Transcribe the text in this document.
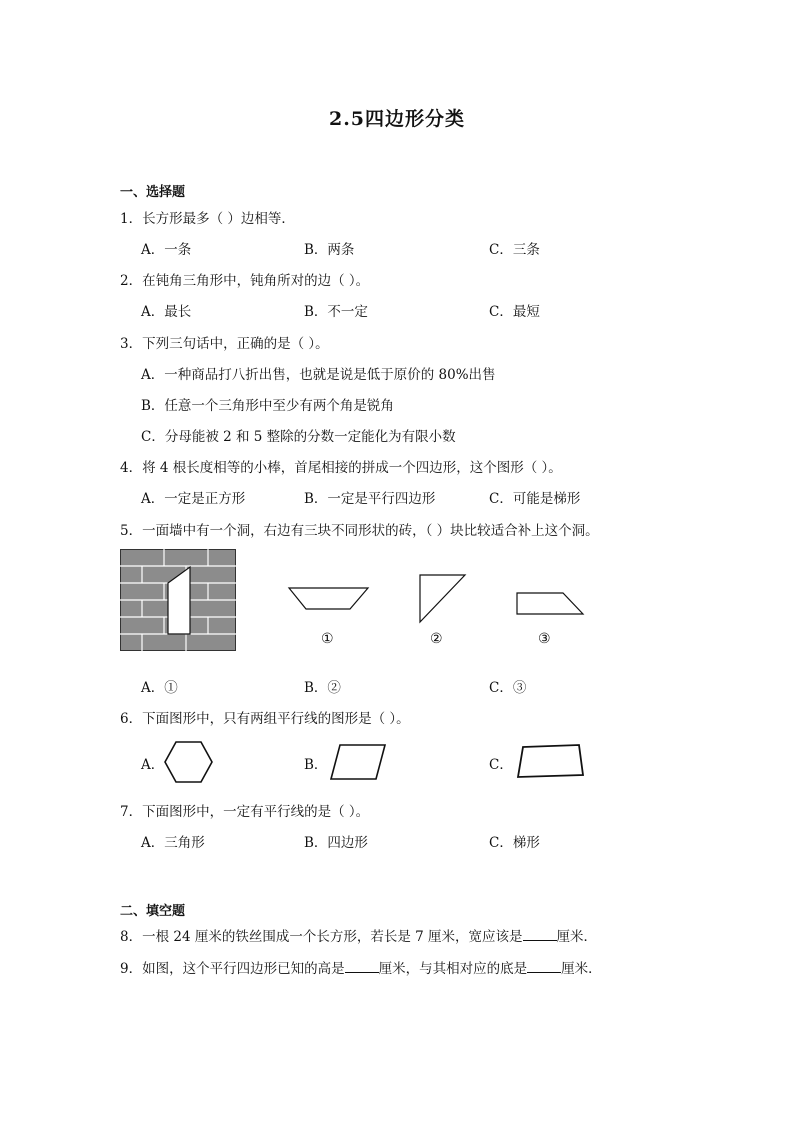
2.5四边形分类
一、选择题
1．长方形最多（ ）边相等．
A．一条	B．两条	C．三条
2．在钝角三角形中，钝角所对的边（ ）。
A．最长	B．不一定	C．最短
3．下列三句话中，正确的是（ ）。
A．一种商品打八折出售，也就是说是低于原价的 80%出售
B．任意一个三角形中至少有两个角是锐角
C．分母能被 2 和 5 整除的分数一定能化为有限小数
4．将 4 根长度相等的小棒，首尾相接的拼成一个四边形，这个图形（ ）。
A．一定是正方形	B．一定是平行四边形	C．可能是梯形
5．一面墙中有一个洞，右边有三块不同形状的砖，（ ）块比较适合补上这个洞。
①	②	③
A．①	B．②	C．③
6．下面图形中，只有两组平行线的图形是（ ）。
A．	B．	C．
7．下面图形中，一定有平行线的是（ ）。
A．三角形	B．四边形	C．梯形
二、填空题
8．一根 24 厘米的铁丝围成一个长方形，若长是 7 厘米，宽应该是	厘米．
9．如图，这个平行四边形已知的高是	厘米，与其相对应的底是	厘米．
